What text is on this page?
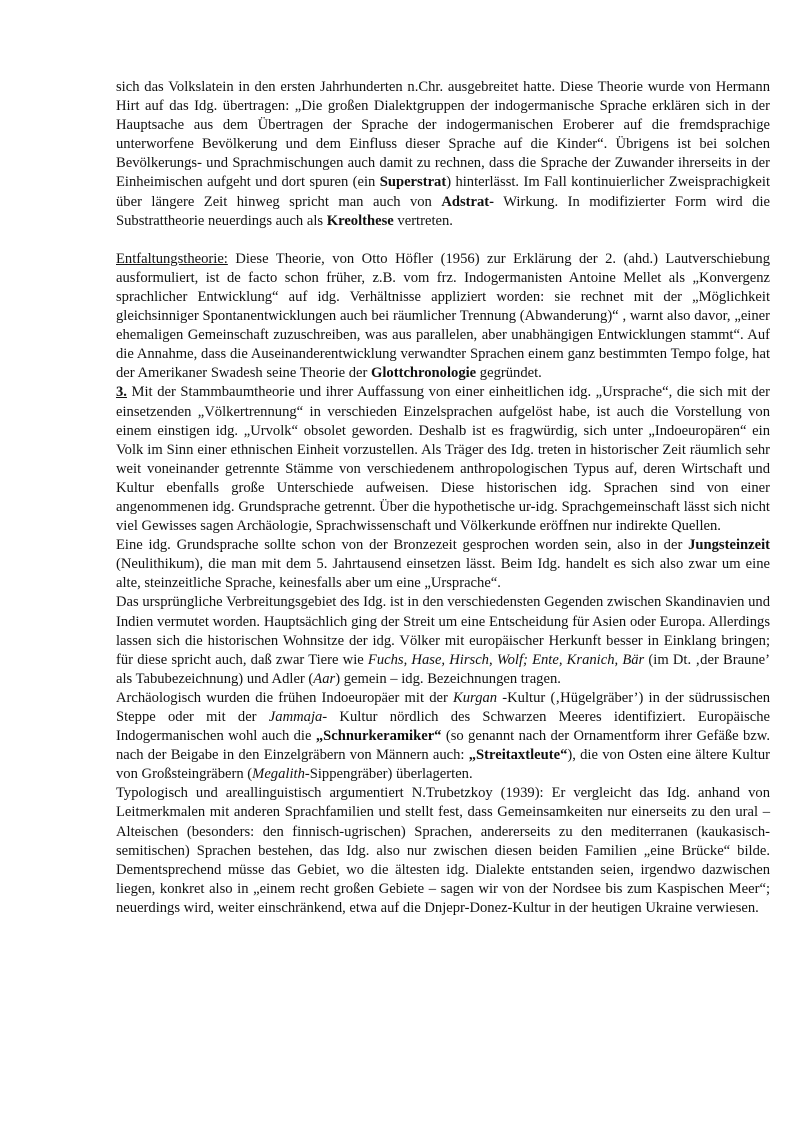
sich das Volkslatein in den ersten Jahrhunderten n.Chr. ausgebreitet hatte. Diese Theorie wurde von Hermann Hirt auf das Idg. übertragen: „Die großen Dialektgruppen der indogermanische Sprache erklären sich in der Hauptsache aus dem Übertragen der Sprache der indogermanischen Eroberer auf die fremdsprachige unterworfene Bevölkerung und dem Einfluss dieser Sprache auf die Kinder“. Übrigens ist bei solchen Bevölkerungs- und Sprachmischungen auch damit zu rechnen, dass die Sprache der Zuwander ihrerseits in der Einheimischen aufgeht und dort spuren (ein Superstrat) hinterlässt. Im Fall kontinuierlicher Zweisprachigkeit über längere Zeit hinweg spricht man auch von Adstrat- Wirkung. In modifizierter Form wird die Substrattheorie neuerdings auch als Kreolthese vertreten.

Entfaltungstheorie: Diese Theorie, von Otto Höfler (1956) zur Erklärung der 2. (ahd.) Lautverschiebung ausformuliert, ist de facto schon früher, z.B. vom frz. Indogermanisten Antoine Mellet als „Konvergenz sprachlicher Entwicklung“ auf idg. Verhältnisse appliziert worden: sie rechnet mit der „Möglichkeit gleichsinniger Spontanentwicklungen auch bei räumlicher Trennung (Abwanderung)“ , warnt also davor, „einer ehemaligen Gemeinschaft zuzuschreiben, was aus parallelen, aber unabhängigen Entwicklungen stammt“. Auf die Annahme, dass die Auseinanderentwicklung verwandter Sprachen einem ganz bestimmten Tempo folge, hat der Amerikaner Swadesh seine Theorie der Glottchronologie gegründet.

3. Mit der Stammbaumtheorie und ihrer Auffassung von einer einheitlichen idg. „Ursprache“, die sich mit der einsetzenden „Völkertrennung“ in verschieden Einzelsprachen aufgelöst habe, ist auch die Vorstellung von einem einstigen idg. „Urvolk“ obsolet geworden. Deshalb ist es fragwürdig, sich unter „Indoeuropären“ ein Volk im Sinn einer ethnischen Einheit vorzustellen. Als Träger des Idg. treten in historischer Zeit räumlich sehr weit voneinander getrennte Stämme von verschiedenem anthropologischen Typus auf, deren Wirtschaft und Kultur ebenfalls große Unterschiede aufweisen. Diese historischen idg. Sprachen sind von einer angenommenen idg. Grundsprache getrennt. Über die hypothetische ur-idg. Sprachgemeinschaft lässt sich nicht viel Gewisses sagen Archäologie, Sprachwissenschaft und Völkerkunde eröffnen nur indirekte Quellen.

Eine idg. Grundsprache sollte schon von der Bronzezeit gesprochen worden sein, also in der Jungsteinzeit (Neulithikum), die man mit dem 5. Jahrtausend einsetzen lässt. Beim Idg. handelt es sich also zwar um eine alte, steinzeitliche Sprache, keinesfalls aber um eine „Ursprache“.

Das ursprüngliche Verbreitungsgebiet des Idg. ist in den verschiedensten Gegenden zwischen Skandinavien und Indien vermutet worden. Hauptsächlich ging der Streit um eine Entscheidung für Asien oder Europa. Allerdings lassen sich die historischen Wohnsitze der idg. Völker mit europäischer Herkunft besser in Einklang bringen; für diese spricht auch, daß zwar Tiere wie Fuchs, Hase, Hirsch, Wolf; Ente, Kranich, Bär (im Dt. ‚der Braune’ als Tabubezeichnung) und Adler (Aar) gemein – idg. Bezeichnungen tragen.

Archäologisch wurden die frühen Indoeuropäer mit der Kurgan -Kultur (‚Hügelgräber’) in der südrussischen Steppe oder mit der Jammaja- Kultur nördlich des Schwarzen Meeres identifiziert. Europäische Indogermanischen wohl auch die „Schnurkeramiker“ (so genannt nach der Ornamentform ihrer Gefäße bzw. nach der Beigabe in den Einzelgräbern von Männern auch: „Streitaxtleute“), die von Osten eine ältere Kultur von Großsteingräbern (Megalith-Sippengräber) überlagerten.

Typologisch und areallinguistisch argumentiert N.Trubetzkoy (1939): Er vergleicht das Idg. anhand von Leitmerkmalen mit anderen Sprachfamilien und stellt fest, dass Gemeinsamkeiten nur einerseits zu den ural – Alteischen (besonders: den finnisch-ugrischen) Sprachen, andererseits zu den mediterranen (kaukasisch-semitischen) Sprachen bestehen, das Idg. also nur zwischen diesen beiden Familien „eine Brücke“ bilde. Dementsprechend müsse das Gebiet, wo die ältesten idg. Dialekte entstanden seien, irgendwo dazwischen liegen, konkret also in „einem recht großen Gebiete – sagen wir von der Nordsee bis zum Kaspischen Meer“; neuerdings wird, weiter einschränkend, etwa auf die Dnjepr-Donez-Kultur in der heutigen Ukraine verwiesen.
